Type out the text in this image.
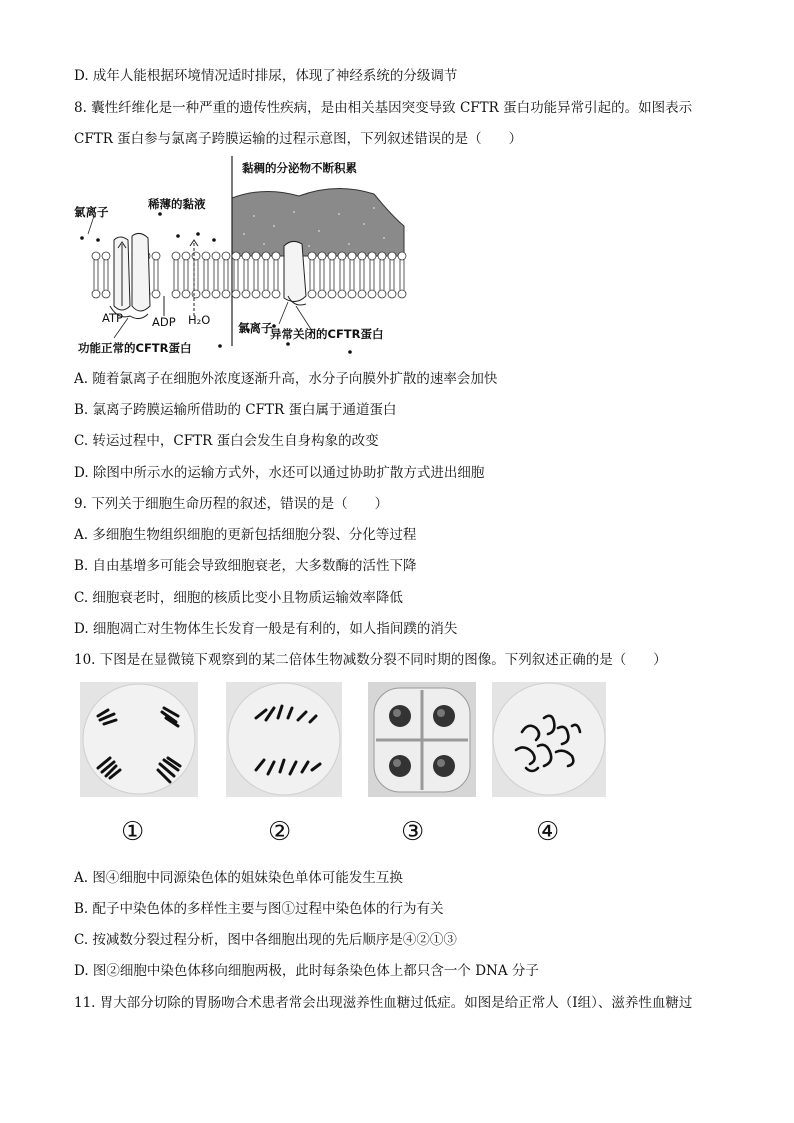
D. 成年人能根据环境情况适时排尿，体现了神经系统的分级调节
8. 囊性纤维化是一种严重的遗传性疾病，是由相关基因突变导致 CFTR 蛋白功能异常引起的。如图表示
CFTR 蛋白参与氯离子跨膜运输的过程示意图，下列叙述错误的是（　　）
黏稠的分泌物不断积累
稀薄的黏液
氯离子
ATP	ADP H₂O
氯离子
功能正常的CFTR蛋白
异常关闭的CFTR蛋白
A. 随着氯离子在细胞外浓度逐渐升高，水分子向膜外扩散的速率会加快
B. 氯离子跨膜运输所借助的 CFTR 蛋白属于通道蛋白
C. 转运过程中，CFTR 蛋白会发生自身构象的改变
D. 除图中所示水的运输方式外，水还可以通过协助扩散方式进出细胞
9. 下列关于细胞生命历程的叙述，错误的是（　　）
A. 多细胞生物组织细胞的更新包括细胞分裂、分化等过程
B. 自由基增多可能会导致细胞衰老，大多数酶的活性下降
C. 细胞衰老时，细胞的核质比变小且物质运输效率降低
D. 细胞凋亡对生物体生长发育一般是有利的，如人指间蹼的消失
10. 下图是在显微镜下观察到的某二倍体生物减数分裂不同时期的图像。下列叙述正确的是（　　）
①	②	③	④
A. 图④细胞中同源染色体的姐妹染色单体可能发生互换
B. 配子中染色体的多样性主要与图①过程中染色体的行为有关
C. 按减数分裂过程分析，图中各细胞出现的先后顺序是④②①③
D. 图②细胞中染色体移向细胞两极，此时每条染色体上都只含一个 DNA 分子
11. 胃大部分切除的胃肠吻合术患者常会出现滋养性血糖过低症。如图是给正常人（Ⅰ组）、滋养性血糖过
